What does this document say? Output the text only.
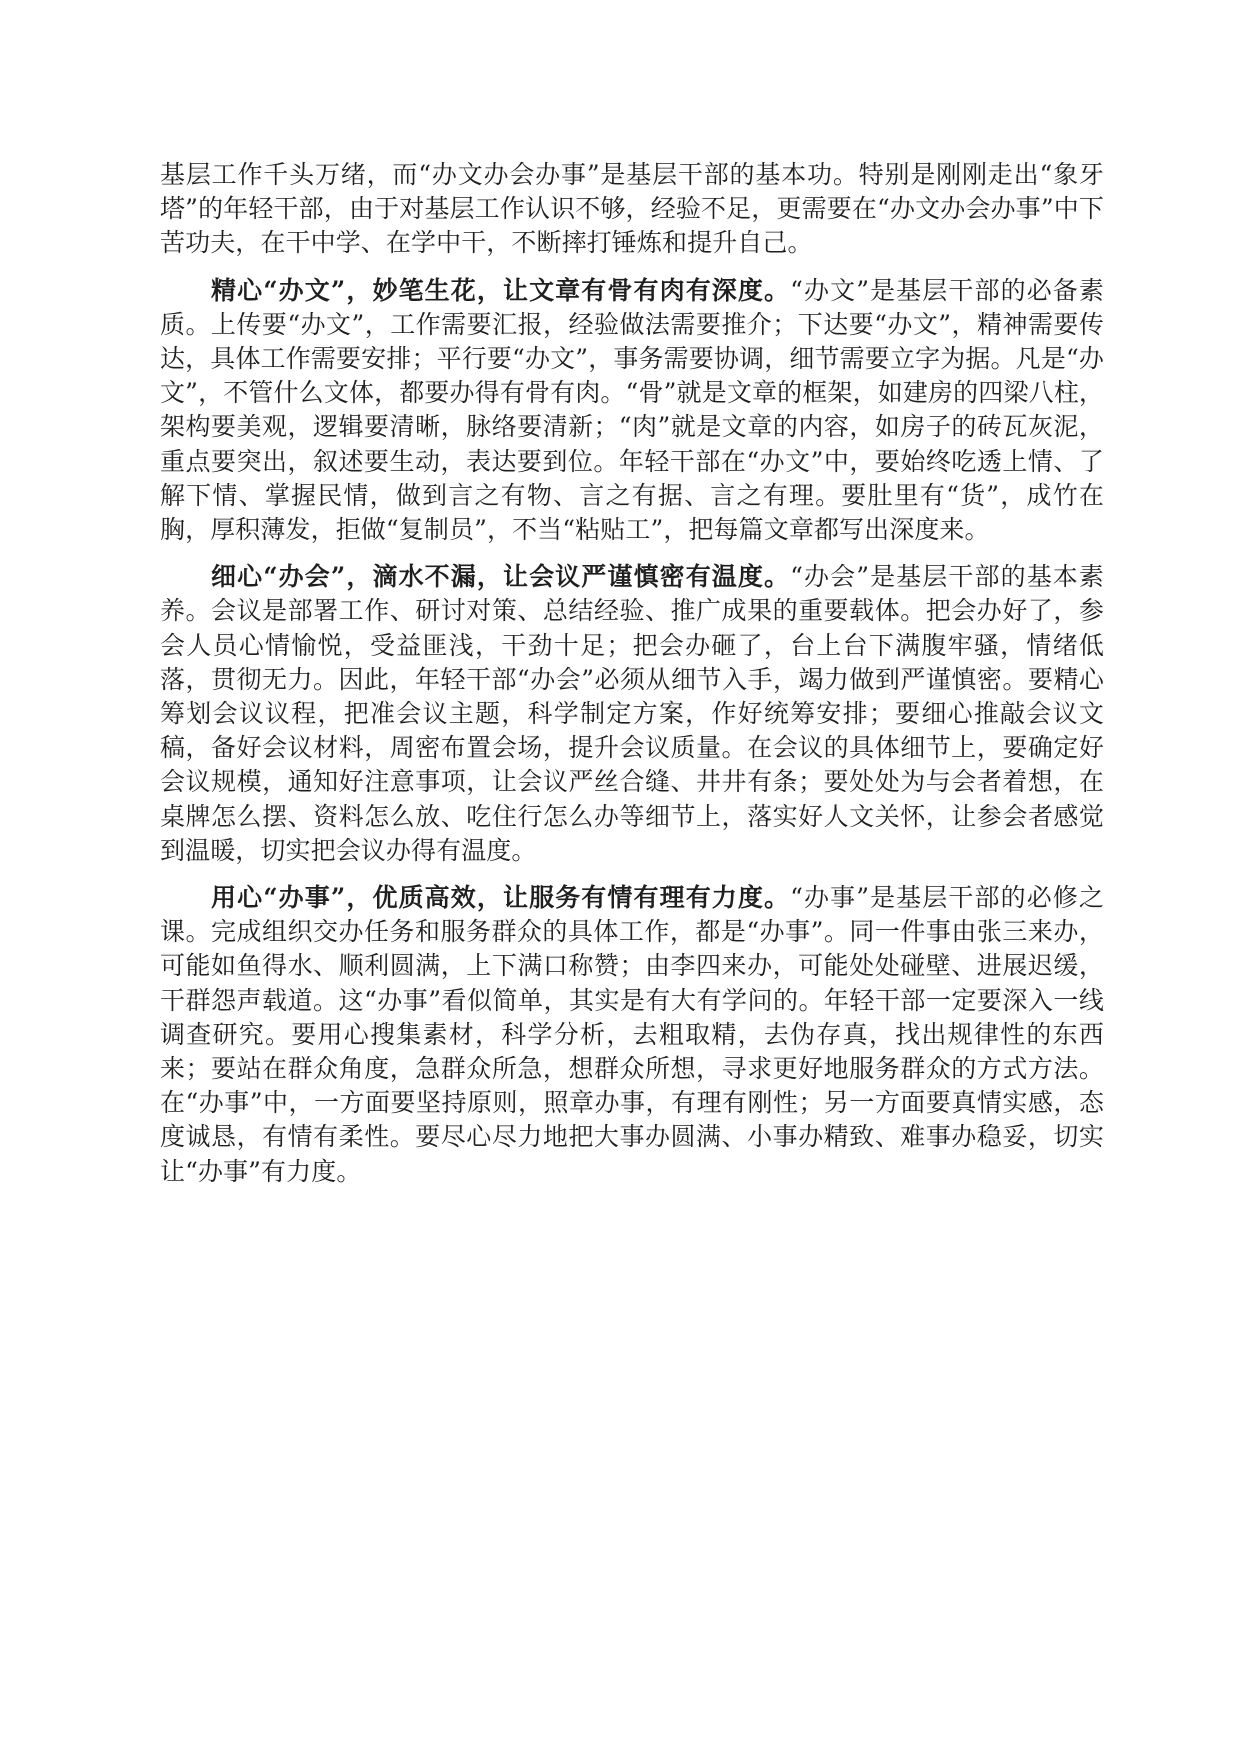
基层工作千头万绪，而“办文办会办事”是基层干部的基本功。特别是刚刚走出“象牙塔”的年轻干部，由于对基层工作认识不够，经验不足，更需要在“办文办会办事”中下苦功夫，在干中学、在学中干，不断摔打锤炼和提升自己。

精心“办文”，妙笔生花，让文章有骨有肉有深度。“办文”是基层干部的必备素质。上传要“办文”，工作需要汇报，经验做法需要推介；下达要“办文”，精神需要传达，具体工作需要安排；平行要“办文”，事务需要协调，细节需要立字为据。凡是“办文”，不管什么文体，都要办得有骨有肉。“骨”就是文章的框架，如建房的四梁八柱，架构要美观，逻辑要清晰，脉络要清新；“肉”就是文章的内容，如房子的砖瓦灰泥，重点要突出，叙述要生动，表达要到位。年轻干部在“办文”中，要始终吃透上情、了解下情、掌握民情，做到言之有物、言之有据、言之有理。要肚里有“货”，成竹在胸，厚积薄发，拒做“复制员”，不当“粘贴工”，把每篇文章都写出深度来。

细心“办会”，滴水不漏，让会议严谨慎密有温度。“办会”是基层干部的基本素养。会议是部署工作、研讨对策、总结经验、推广成果的重要载体。把会办好了，参会人员心情愉悦，受益匪浅，干劲十足；把会办砸了，台上台下满腹牢骚，情绪低落，贯彻无力。因此，年轻干部“办会”必须从细节入手，竭力做到严谨慎密。要精心筹划会议议程，把准会议主题，科学制定方案，作好统筹安排；要细心推敲会议文稿，备好会议材料，周密布置会场，提升会议质量。在会议的具体细节上，要确定好会议规模，通知好注意事项，让会议严丝合缝、井井有条；要处处为与会者着想，在桌牌怎么摆、资料怎么放、吃住行怎么办等细节上，落实好人文关怀，让参会者感觉到温暖，切实把会议办得有温度。

用心“办事”，优质高效，让服务有情有理有力度。“办事”是基层干部的必修之课。完成组织交办任务和服务群众的具体工作，都是“办事”。同一件事由张三来办，可能如鱼得水、顺利圆满，上下满口称赞；由李四来办，可能处处碰壁、进展迟缓，干群怨声载道。这“办事”看似简单，其实是有大有学问的。年轻干部一定要深入一线调查研究。要用心搜集素材，科学分析，去粗取精，去伪存真，找出规律性的东西来；要站在群众角度，急群众所急，想群众所想，寻求更好地服务群众的方式方法。在“办事”中，一方面要坚持原则，照章办事，有理有刚性；另一方面要真情实感，态度诚恳，有情有柔性。要尽心尽力地把大事办圆满、小事办精致、难事办稳妥，切实让“办事”有力度。
